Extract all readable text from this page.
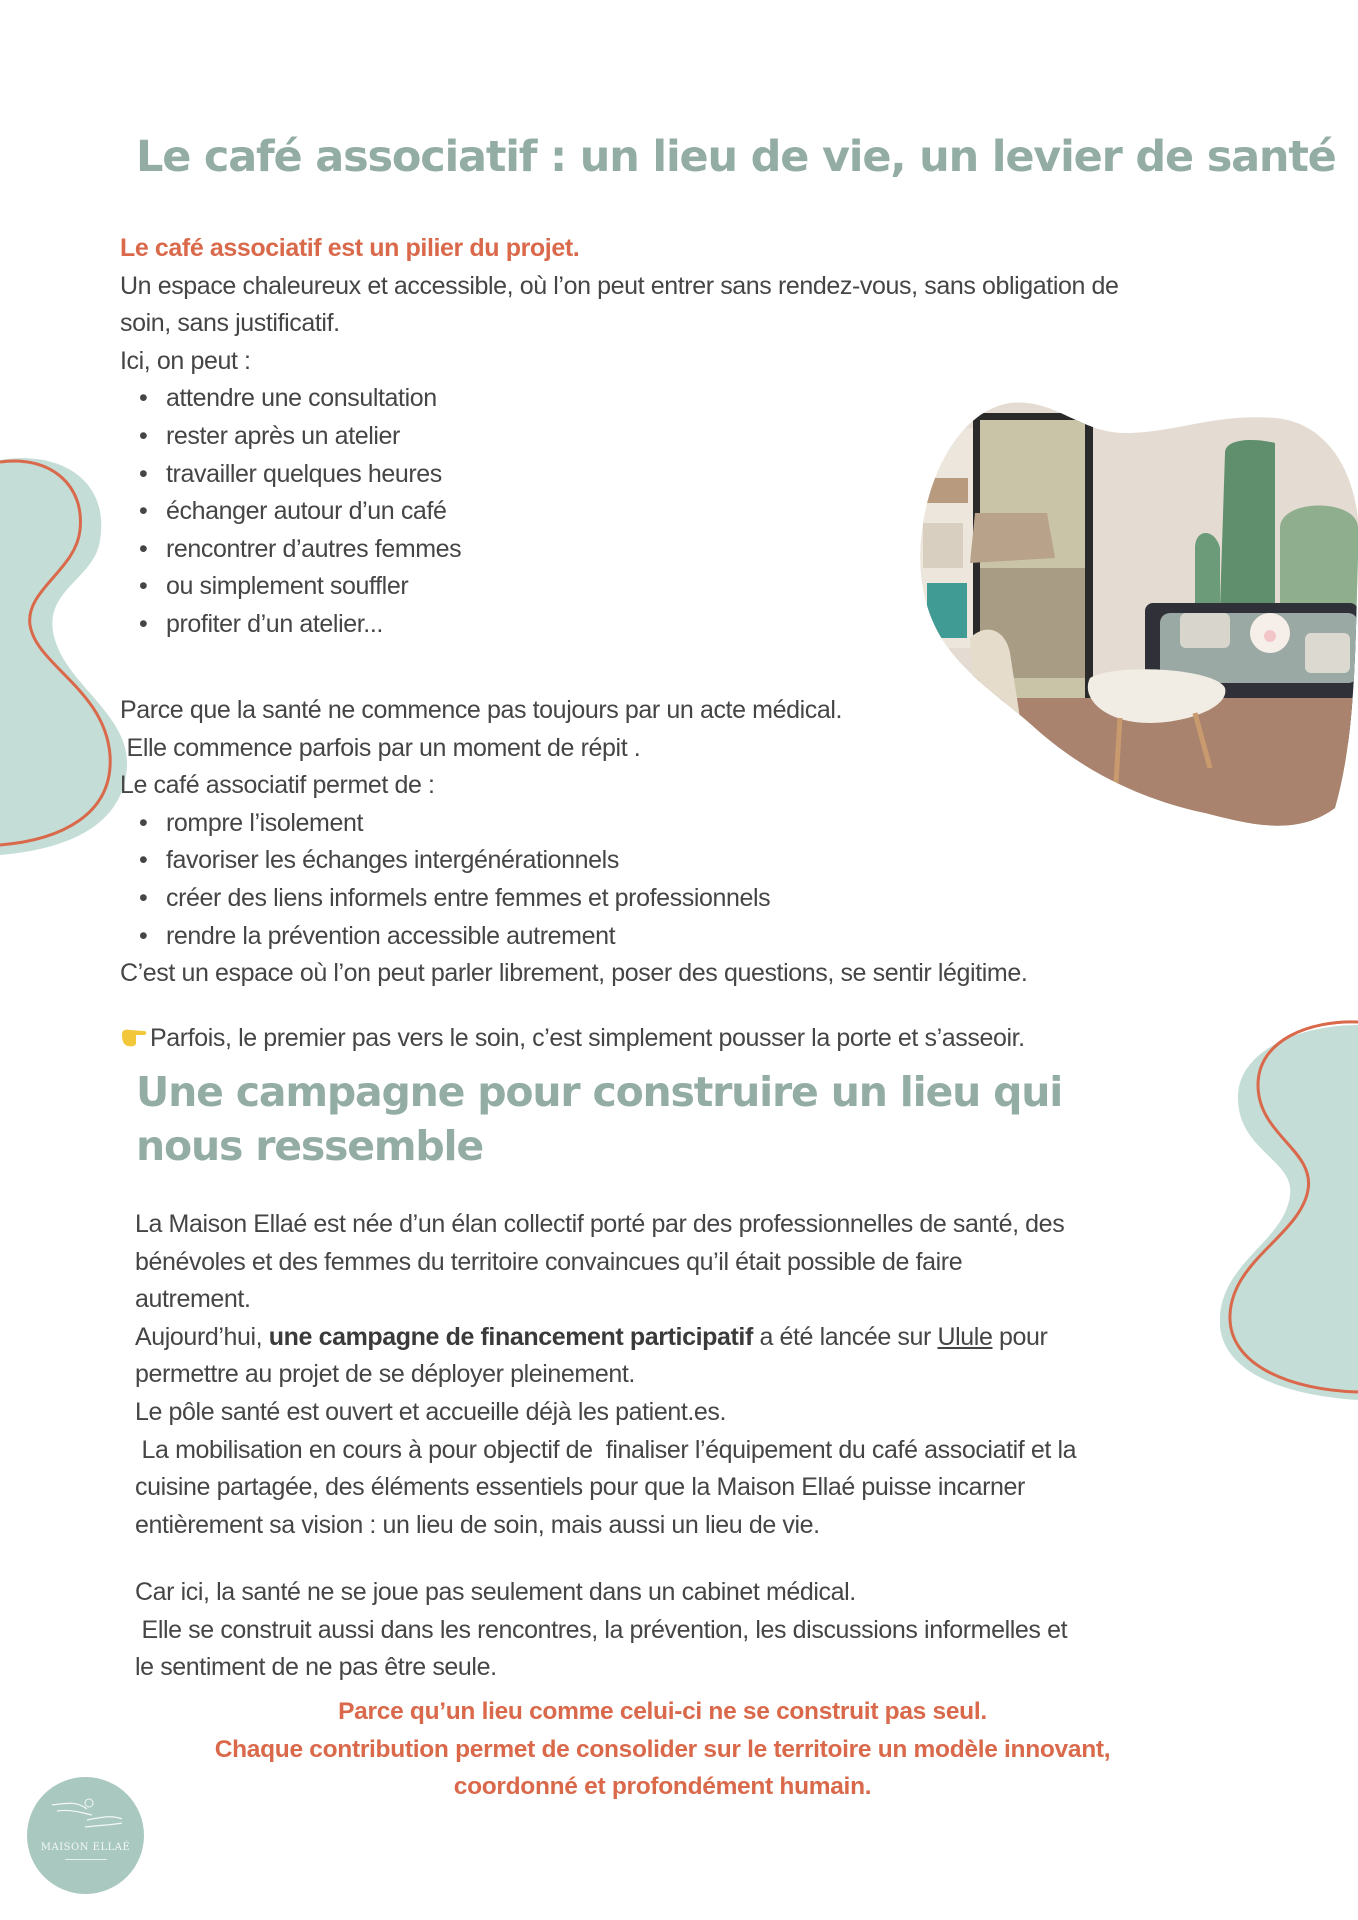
Le café associatif : un lieu de vie, un levier de santé
Le café associatif est un pilier du projet.
Un espace chaleureux et accessible, où l’on peut entrer sans rendez-vous, sans obligation de
soin, sans justificatif.
Ici, on peut :
• attendre une consultation
• rester après un atelier
• travailler quelques heures
• échanger autour d’un café
• rencontrer d’autres femmes
• ou simplement souffler
• profiter d’un atelier...
Parce que la santé ne commence pas toujours par un acte médical.
Elle commence parfois par un moment de répit .
Le café associatif permet de :
• rompre l’isolement
• favoriser les échanges intergénérationnels
• créer des liens informels entre femmes et professionnels
• rendre la prévention accessible autrement
C’est un espace où l’on peut parler librement, poser des questions, se sentir légitime.
Parfois, le premier pas vers le soin, c’est simplement pousser la porte et s’asseoir.
Une campagne pour construire un lieu qui nous ressemble
La Maison Ellaé est née d’un élan collectif porté par des professionnelles de santé, des
bénévoles et des femmes du territoire convaincues qu’il était possible de faire
autrement.
Aujourd’hui, une campagne de financement participatif a été lancée sur Ulule pour
permettre au projet de se déployer pleinement.
Le pôle santé est ouvert et accueille déjà les patient.es.
La mobilisation en cours à pour objectif de  finaliser l’équipement du café associatif et la
cuisine partagée, des éléments essentiels pour que la Maison Ellaé puisse incarner
entièrement sa vision : un lieu de soin, mais aussi un lieu de vie.
Car ici, la santé ne se joue pas seulement dans un cabinet médical.
Elle se construit aussi dans les rencontres, la prévention, les discussions informelles et
le sentiment de ne pas être seule.
Parce qu’un lieu comme celui-ci ne se construit pas seul.
Chaque contribution permet de consolider sur le territoire un modèle innovant,
coordonné et profondément humain.
MAISON ELLAÉ
